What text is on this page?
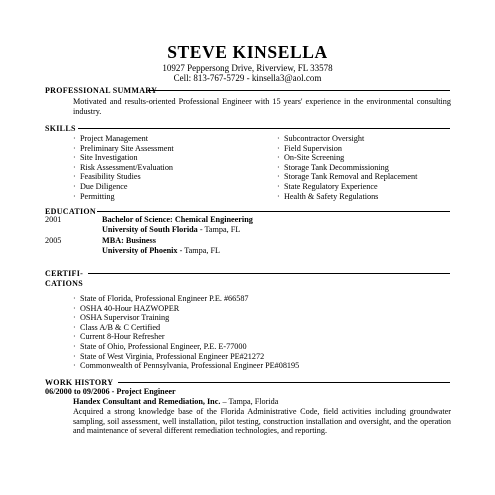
STEVE KINSELLA
10927 Peppersong Drive, Riverview, FL 33578
Cell: 813-767-5729 - kinsella3@aol.com
PROFESSIONAL SUMMARY
Motivated and results-oriented Professional Engineer with 15 years' experience in the environmental consulting industry.
SKILLS
· Project Management
· Preliminary Site Assessment
· Site Investigation
· Risk Assessment/Evaluation
· Feasibility Studies
· Due Diligence
· Permitting
· Subcontractor Oversight
· Field Supervision
· On-Site Screening
· Storage Tank Decommissioning
· Storage Tank Removal and Replacement
· State Regulatory Experience
· Health & Safety Regulations
EDUCATION
2001	Bachelor of Science: Chemical Engineering
University of South Florida - Tampa, FL
2005	MBA: Business
University of Phoenix - Tampa, FL
CERTIFI-
CATIONS
· State of Florida, Professional Engineer P.E. #66587
· OSHA 40-Hour HAZWOPER
· OSHA Supervisor Training
· Class A/B & C Certified
· Current 8-Hour Refresher
· State of Ohio, Professional Engineer, P.E. E-77000
· State of West Virginia, Professional Engineer PE#21272
· Commonwealth of Pennsylvania, Professional Engineer PE#08195
WORK HISTORY
06/2000 to 09/2006 - Project Engineer
Handex Consultant and Remediation, Inc. – Tampa, Florida
Acquired a strong knowledge base of the Florida Administrative Code, field activities including groundwater sampling, soil assessment, well installation, pilot testing, construction installation and oversight, and the operation and maintenance of several different remediation technologies, and reporting.
